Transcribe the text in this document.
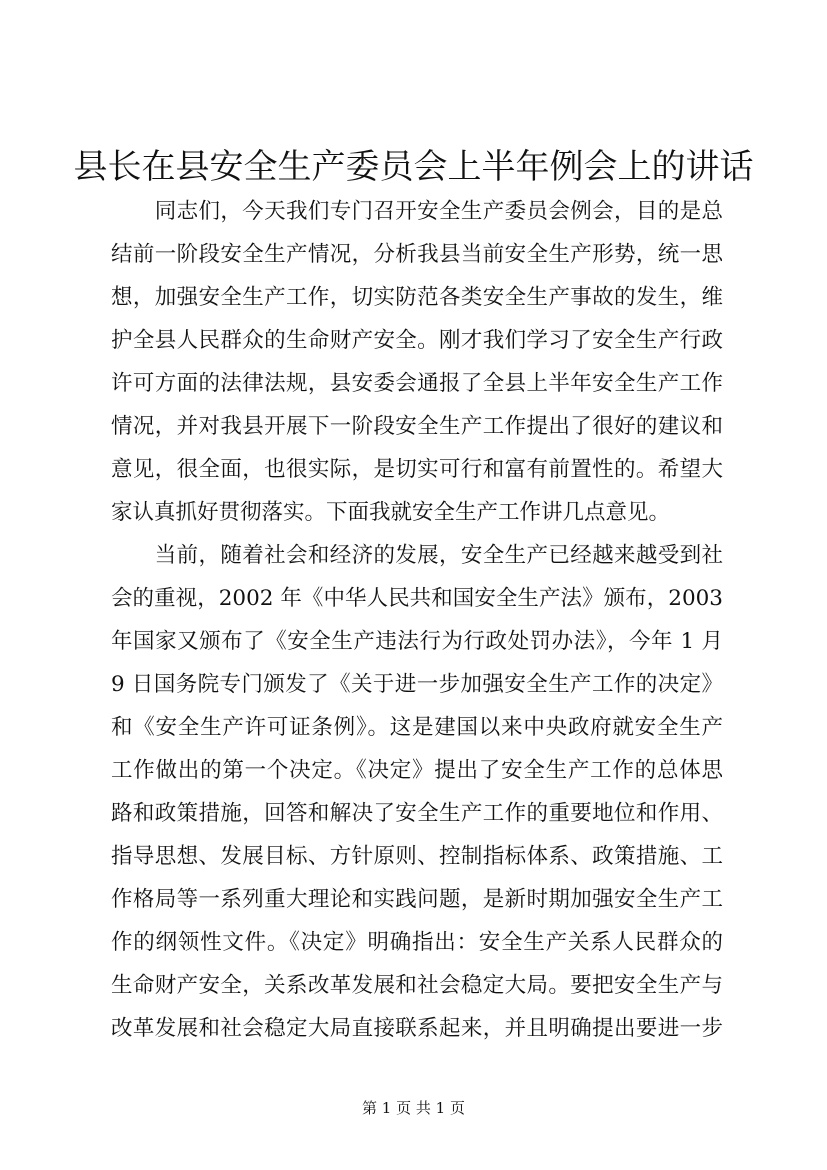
县长在县安全生产委员会上半年例会上的讲话
　　同志们，今天我们专门召开安全生产委员会例会，目的是总
结前一阶段安全生产情况，分析我县当前安全生产形势，统一思
想，加强安全生产工作，切实防范各类安全生产事故的发生，维
护全县人民群众的生命财产安全。刚才我们学习了安全生产行政
许可方面的法律法规，县安委会通报了全县上半年安全生产工作
情况，并对我县开展下一阶段安全生产工作提出了很好的建议和
意见，很全面，也很实际，是切实可行和富有前置性的。希望大
家认真抓好贯彻落实。下面我就安全生产工作讲几点意见。
　　当前，随着社会和经济的发展，安全生产已经越来越受到社
会的重视，2002 年《中华人民共和国安全生产法》颁布，2003
年国家又颁布了《安全生产违法行为行政处罚办法》，今年 1 月
9 日国务院专门颁发了《关于进一步加强安全生产工作的决定》
和《安全生产许可证条例》。这是建国以来中央政府就安全生产
工作做出的第一个决定。《决定》提出了安全生产工作的总体思
路和政策措施，回答和解决了安全生产工作的重要地位和作用、
指导思想、发展目标、方针原则、控制指标体系、政策措施、工
作格局等一系列重大理论和实践问题，是新时期加强安全生产工
作的纲领性文件。《决定》明确指出：安全生产关系人民群众的
生命财产安全，关系改革发展和社会稳定大局。要把安全生产与
改革发展和社会稳定大局直接联系起来，并且明确提出要进一步
第 1 页 共 1 页
